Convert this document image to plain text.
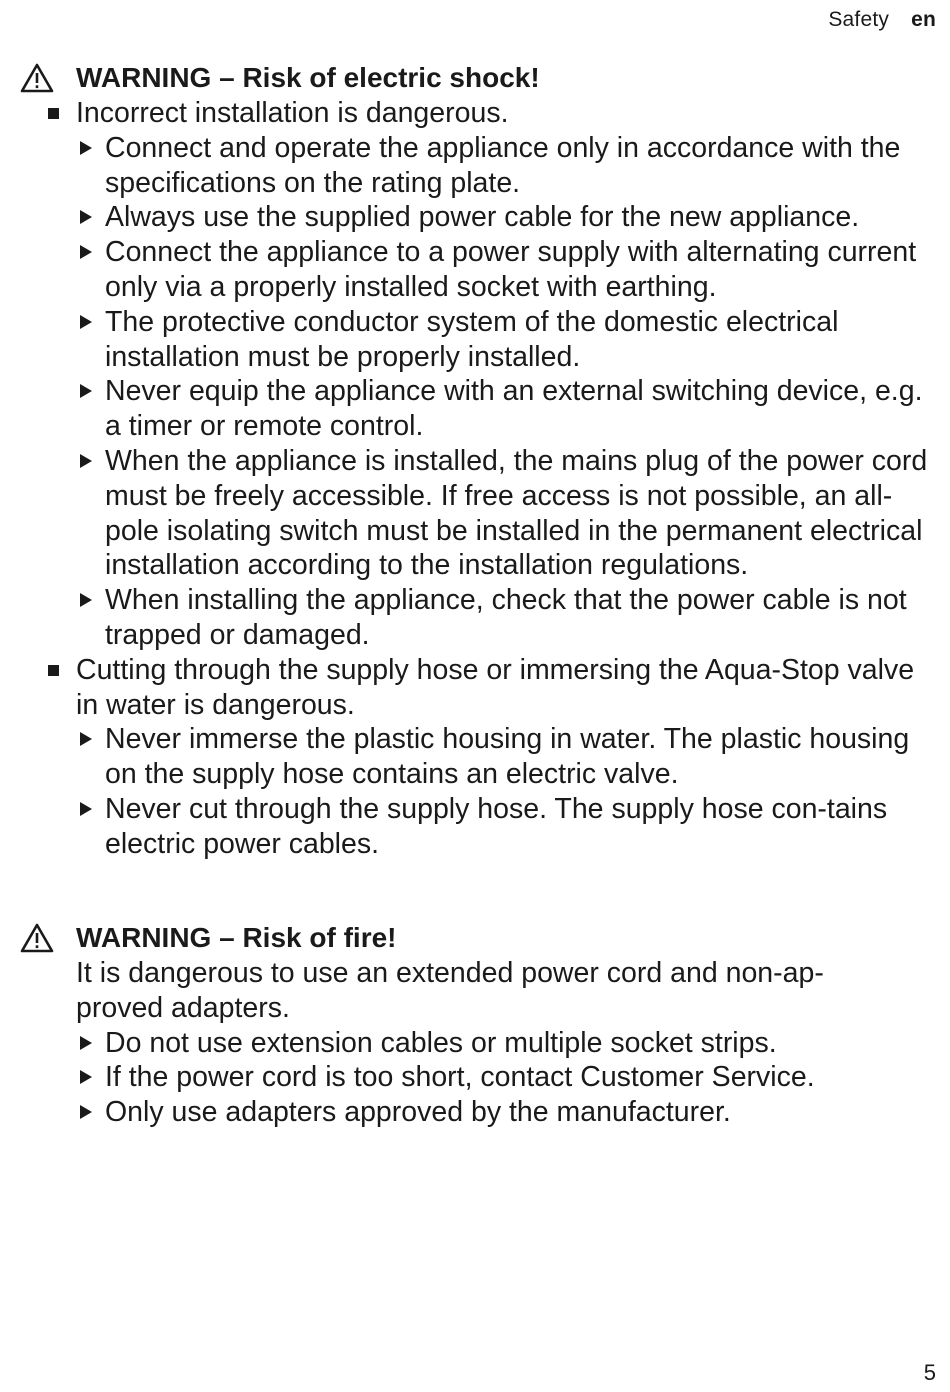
Safety en
WARNING – Risk of electric shock!
Incorrect installation is dangerous.
Connect and operate the appliance only in accordance with the specifications on the rating plate.
Always use the supplied power cable for the new appliance.
Connect the appliance to a power supply with alternating current only via a properly installed socket with earthing.
The protective conductor system of the domestic electrical installation must be properly installed.
Never equip the appliance with an external switching device, e.g. a timer or remote control.
When the appliance is installed, the mains plug of the power cord must be freely accessible. If free access is not possible, an all-pole isolating switch must be installed in the permanent electrical installation according to the installation regulations.
When installing the appliance, check that the power cable is not trapped or damaged.
Cutting through the supply hose or immersing the Aqua-Stop valve in water is dangerous.
Never immerse the plastic housing in water. The plastic housing on the supply hose contains an electric valve.
Never cut through the supply hose. The supply hose con-tains electric power cables.
WARNING – Risk of fire!
It is dangerous to use an extended power cord and non-ap-proved adapters.
Do not use extension cables or multiple socket strips.
If the power cord is too short, contact Customer Service.
Only use adapters approved by the manufacturer.
5
